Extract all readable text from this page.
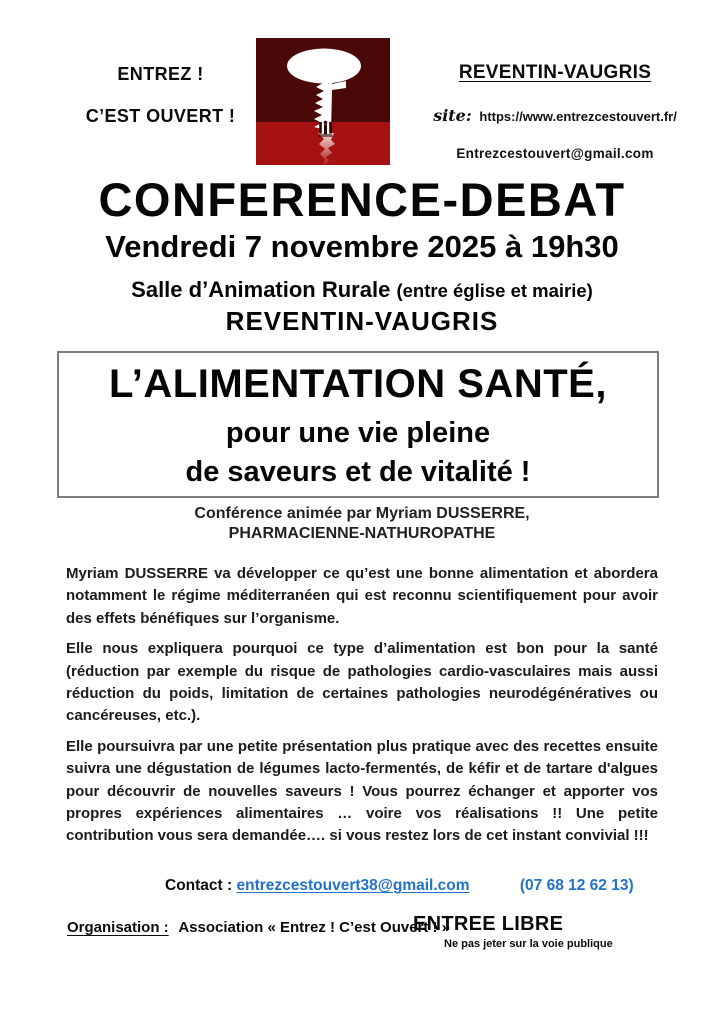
ENTREZ !
C’EST OUVERT !
REVENTIN-VAUGRIS
site: https://www.entrezcestouvert.fr/
Entrezcestouvert@gmail.com
CONFERENCE-DEBAT
Vendredi 7 novembre 2025 à 19h30
Salle d’Animation Rurale (entre église et mairie)
REVENTIN-VAUGRIS
L’ALIMENTATION SANTÉ,
pour une vie pleine
de saveurs et de vitalité !
Conférence animée par Myriam DUSSERRE,
PHARMACIENNE-NATHUROPATHE

Myriam DUSSERRE va développer ce qu’est une bonne alimentation et abordera notamment le régime méditerranéen qui est reconnu scientifiquement pour avoir des effets bénéfiques sur l’organisme.

Elle nous expliquera pourquoi ce type d’alimentation est bon pour la santé (réduction par exemple du risque de pathologies cardio-vasculaires mais aussi réduction du poids, limitation de certaines pathologies neurodégénératives ou cancéreuses, etc.).

Elle poursuivra par une petite présentation plus pratique avec des recettes ensuite suivra une dégustation de légumes lacto-fermentés, de kéfir et de tartare d'algues pour découvrir de nouvelles saveurs ! Vous pourrez échanger et apporter vos propres expériences alimentaires … voire vos réalisations !! Une petite contribution vous sera demandée…. si vous restez lors de cet instant convivial !!!

Contact : entrezcestouvert38@gmail.com	(07 68 12 62 13)
Organisation : Association « Entrez ! C’est Ouvert ! »
ENTREE LIBRE
Ne pas jeter sur la voie publique
